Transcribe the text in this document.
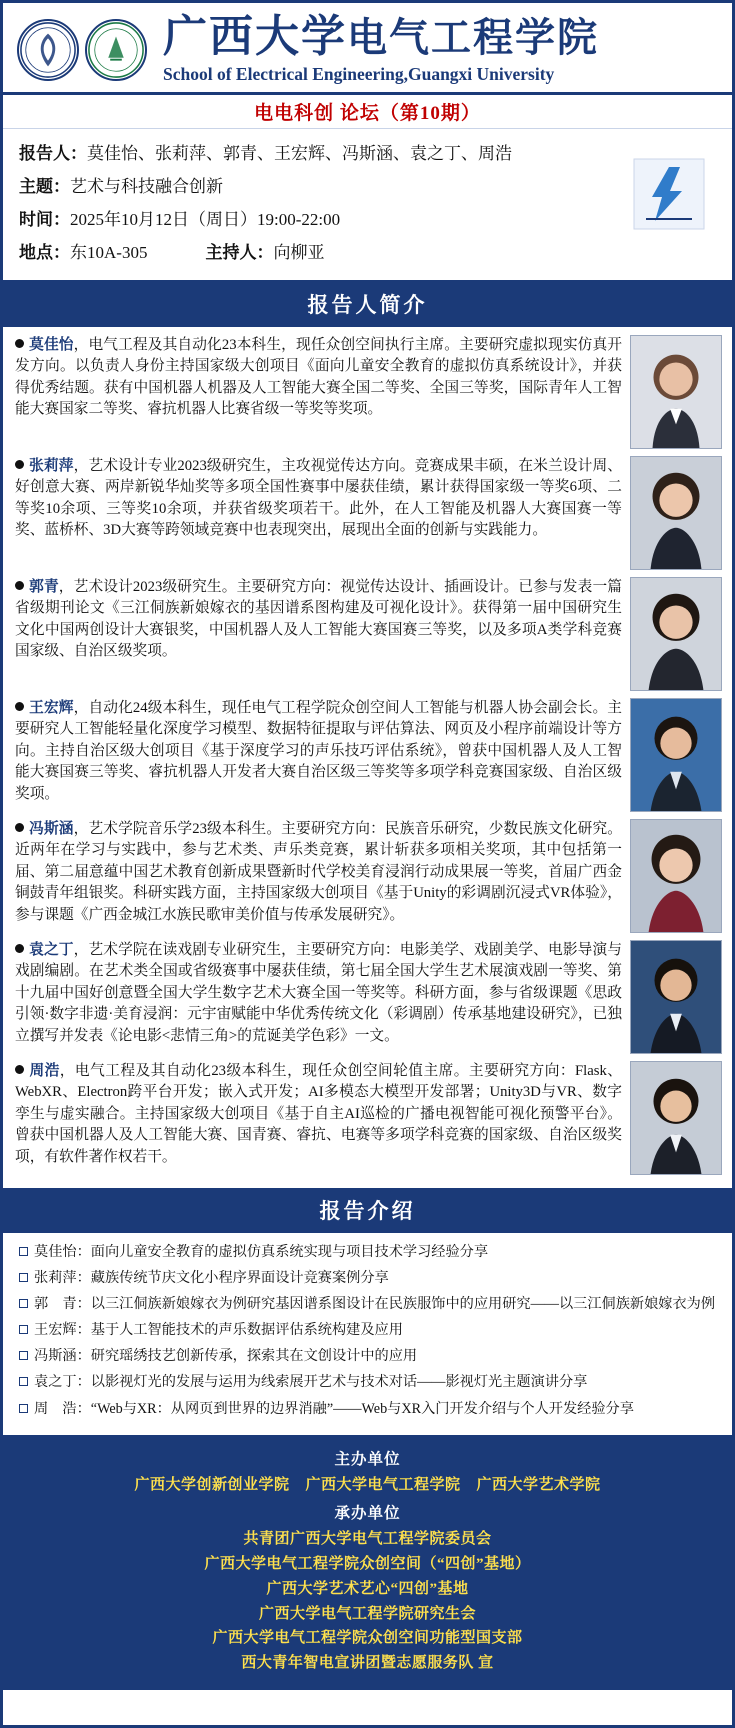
广西大学电气工程学院
School of Electrical Engineering,Guangxi University
电电科创 论坛（第10期）
报告人：莫佳怡、张莉萍、郭青、王宏辉、冯斯涵、袁之丁、周浩
主题：艺术与科技融合创新
时间：2025年10月12日（周日）19:00-22:00
地点：东10A-305	主持人：向柳亚
报告人简介
莫佳怡，电气工程及其自动化23本科生，现任众创空间执行主席。主要研究虚拟现实仿真开发方向。以负责人身份主持国家级大创项目《面向儿童安全教育的虚拟仿真系统设计》，并获得优秀结题。获有中国机器人机器及人工智能大赛全国二等奖、全国三等奖，国际青年人工智能大赛国家二等奖、睿抗机器人比赛省级一等奖等奖项。
张莉萍，艺术设计专业2023级研究生，主攻视觉传达方向。竞赛成果丰硕，在米兰设计周、好创意大赛、两岸新锐华灿奖等多项全国性赛事中屡获佳绩，累计获得国家级一等奖6项、二等奖10余项、三等奖10余项，并获省级奖项若干。此外，在人工智能及机器人大赛国赛一等奖、蓝桥杯、3D大赛等跨领域竞赛中也表现突出，展现出全面的创新与实践能力。
郭青，艺术设计2023级研究生。主要研究方向：视觉传达设计、插画设计。已参与发表一篇省级期刊论文《三江侗族新娘嫁衣的基因谱系图构建及可视化设计》。获得第一届中国研究生文化中国两创设计大赛银奖，中国机器人及人工智能大赛国赛三等奖，以及多项A类学科竞赛国家级、自治区级奖项。
王宏辉，自动化24级本科生，现任电气工程学院众创空间人工智能与机器人协会副会长。主要研究人工智能轻量化深度学习模型、数据特征提取与评估算法、网页及小程序前端设计等方向。主持自治区级大创项目《基于深度学习的声乐技巧评估系统》，曾获中国机器人及人工智能大赛国赛三等奖、睿抗机器人开发者大赛自治区级三等奖等多项学科竞赛国家级、自治区级奖项。
冯斯涵，艺术学院音乐学23级本科生。主要研究方向：民族音乐研究，少数民族文化研究。近两年在学习与实践中，参与艺术类、声乐类竞赛，累计斩获多项相关奖项，其中包括第一届、第二届意蕴中国艺术教育创新成果暨新时代学校美育浸润行动成果展一等奖，首届广西金铜鼓青年组银奖。科研实践方面，主持国家级大创项目《基于Unity的彩调剧沉浸式VR体验》，参与课题《广西金城江水族民歌审美价值与传承发展研究》。
袁之丁，艺术学院在读戏剧专业研究生，主要研究方向：电影美学、戏剧美学、电影导演与戏剧编剧。在艺术类全国或省级赛事中屡获佳绩，第七届全国大学生艺术展演戏剧一等奖、第十九届中国好创意暨全国大学生数字艺术大赛全国一等奖等。科研方面，参与省级课题《思政引领·数字非遗·美育浸润：元宇宙赋能中华优秀传统文化（彩调剧）传承基地建设研究》，已独立撰写并发表《论电影<悲情三角>的荒诞美学色彩》一文。
周浩，电气工程及其自动化23级本科生，现任众创空间轮值主席。主要研究方向：Flask、WebXR、Electron跨平台开发；嵌入式开发；AI多模态大模型开发部署；Unity3D与VR、数字孪生与虚实融合。主持国家级大创项目《基于自主AI巡检的广播电视智能可视化预警平台》。曾获中国机器人及人工智能大赛、国青赛、睿抗、电赛等多项学科竞赛的国家级、自治区级奖项，有软件著作权若干。
报告介绍
莫佳怡：面向儿童安全教育的虚拟仿真系统实现与项目技术学习经验分享
张莉萍：藏族传统节庆文化小程序界面设计竞赛案例分享
郭　青：以三江侗族新娘嫁衣为例研究基因谱系图设计在民族服饰中的应用研究——以三江侗族新娘嫁衣为例
王宏辉：基于人工智能技术的声乐数据评估系统构建及应用
冯斯涵：研究瑶绣技艺创新传承，探索其在文创设计中的应用
袁之丁：以影视灯光的发展与运用为线索展开艺术与技术对话——影视灯光主题演讲分享
周　浩：“Web与XR：从网页到世界的边界消融”——Web与XR入门开发介绍与个人开发经验分享
主办单位
广西大学创新创业学院 广西大学电气工程学院 广西大学艺术学院
承办单位
共青团广西大学电气工程学院委员会
广西大学电气工程学院众创空间（“四创”基地）
广西大学艺术艺心“四创”基地
广西大学电气工程学院研究生会
广西大学电气工程学院众创空间功能型国支部
西大青年智电宣讲团暨志愿服务队 宣
